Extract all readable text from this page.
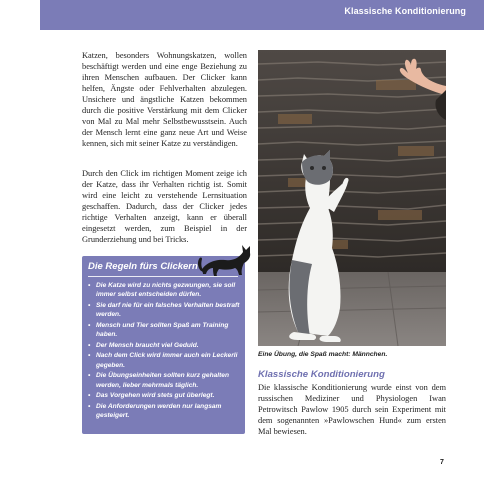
Klassische Konditionierung

Katzen, besonders Wohnungskatzen, wollen beschäftigt werden und eine enge Beziehung zu ihren Menschen aufbauen. Der Clicker kann helfen, Ängste oder Fehlverhalten abzulegen. Unsichere und ängstliche Katzen bekommen durch die positive Verstärkung mit dem Clicker von Mal zu Mal mehr Selbstbewusstsein. Auch der Mensch lernt eine ganz neue Art und Weise kennen, sich mit seiner Katze zu verständigen.

Durch den Click im richtigen Moment zeige ich der Katze, dass ihr Verhalten richtig ist. Somit wird eine leicht zu verstehende Lernsituation geschaffen. Dadurch, dass der Clicker jedes richtige Verhalten anzeigt, kann er überall eingesetzt werden, zum Beispiel in der Grunderziehung und bei Tricks.

Die Regeln fürs Clickern
• Die Katze wird zu nichts gezwungen, sie soll immer selbst entscheiden dürfen.
• Sie darf nie für ein falsches Verhalten bestraft werden.
• Mensch und Tier sollten Spaß am Training haben.
• Der Mensch braucht viel Geduld.
• Nach dem Click wird immer auch ein Leckerli gegeben.
• Die Übungseinheiten sollten kurz gehalten werden, lieber mehrmals täglich.
• Das Vorgehen wird stets gut überlegt.
• Die Anforderungen werden nur langsam gesteigert.
Eine Übung, die Spaß macht: Männchen.
Klassische Konditionierung

Die klassische Konditionierung wurde einst von dem russischen Mediziner und Physiologen Iwan Petrowitsch Pawlow 1905 durch sein Experiment mit dem sogenannten »Pawlowschen Hund« zum ersten Mal bewiesen.

7
